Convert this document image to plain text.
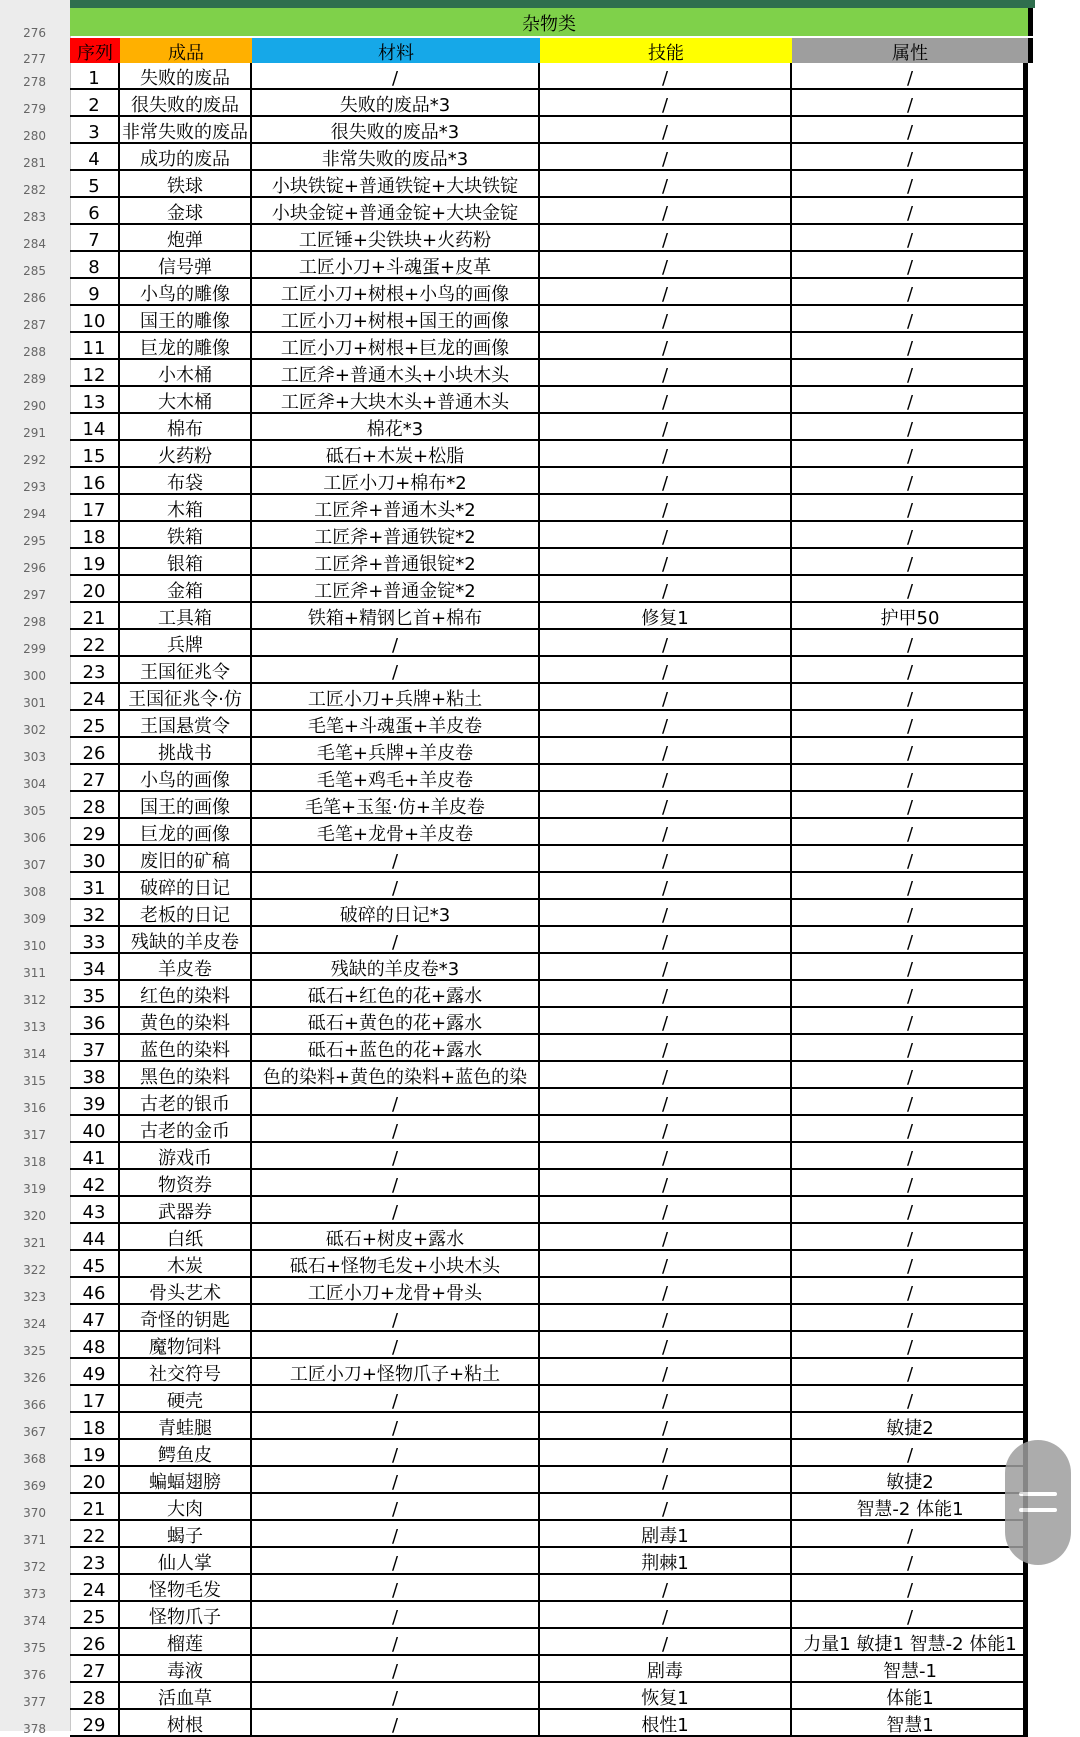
276
277
278
279
280
281
282
283
284
285
286
287
288
289
290
291
292
293
294
295
296
297
298
299
300
301
302
303
304
305
306
307
308
309
310
311
312
313
314
315
316
317
318
319
320
321
322
323
324
325
326
366
367
368
369
370
371
372
373
374
375
376
377
378
杂物类
序列	成品	材料	技能	属性
1	失败的废品	/	/	/
2	很失败的废品	失败的废品*3	/	/
3	非常失败的废品	很失败的废品*3	/	/
4	成功的废品	非常失败的废品*3	/	/
5	铁球	小块铁锭+普通铁锭+大块铁锭	/	/
6	金球	小块金锭+普通金锭+大块金锭	/	/
7	炮弹	工匠锤+尖铁块+火药粉	/	/
8	信号弹	工匠小刀+斗魂蛋+皮革	/	/
9	小鸟的雕像	工匠小刀+树根+小鸟的画像	/	/
10	国王的雕像	工匠小刀+树根+国王的画像	/	/
11	巨龙的雕像	工匠小刀+树根+巨龙的画像	/	/
12	小木桶	工匠斧+普通木头+小块木头	/	/
13	大木桶	工匠斧+大块木头+普通木头	/	/
14	棉布	棉花*3	/	/
15	火药粉	砥石+木炭+松脂	/	/
16	布袋	工匠小刀+棉布*2	/	/
17	木箱	工匠斧+普通木头*2	/	/
18	铁箱	工匠斧+普通铁锭*2	/	/
19	银箱	工匠斧+普通银锭*2	/	/
20	金箱	工匠斧+普通金锭*2	/	/
21	工具箱	铁箱+精钢匕首+棉布	修复1	护甲50
22	兵牌	/	/	/
23	王国征兆令	/	/	/
24	王国征兆令·仿	工匠小刀+兵牌+粘土	/	/
25	王国悬赏令	毛笔+斗魂蛋+羊皮卷	/	/
26	挑战书	毛笔+兵牌+羊皮卷	/	/
27	小鸟的画像	毛笔+鸡毛+羊皮卷	/	/
28	国王的画像	毛笔+玉玺·仿+羊皮卷	/	/
29	巨龙的画像	毛笔+龙骨+羊皮卷	/	/
30	废旧的矿稿	/	/	/
31	破碎的日记	/	/	/
32	老板的日记	破碎的日记*3	/	/
33	残缺的羊皮卷	/	/	/
34	羊皮卷	残缺的羊皮卷*3	/	/
35	红色的染料	砥石+红色的花+露水	/	/
36	黄色的染料	砥石+黄色的花+露水	/	/
37	蓝色的染料	砥石+蓝色的花+露水	/	/
38	黑色的染料	色的染料+黄色的染料+蓝色的染	/	/
39	古老的银币	/	/	/
40	古老的金币	/	/	/
41	游戏币	/	/	/
42	物资券	/	/	/
43	武器券	/	/	/
44	白纸	砥石+树皮+露水	/	/
45	木炭	砥石+怪物毛发+小块木头	/	/
46	骨头艺术	工匠小刀+龙骨+骨头	/	/
47	奇怪的钥匙	/	/	/
48	魔物饲料	/	/	/
49	社交符号	工匠小刀+怪物爪子+粘土	/	/
17	硬壳	/	/	/
18	青蛙腿	/	/	敏捷2
19	鳄鱼皮	/	/	/
20	蝙蝠翅膀	/	/	敏捷2
21	大肉	/	/	智慧-2 体能1
22	蝎子	/	剧毒1	/
23	仙人掌	/	荆棘1	/
24	怪物毛发	/	/	/
25	怪物爪子	/	/	/
26	榴莲	/	/	力量1 敏捷1 智慧-2 体能1
27	毒液	/	剧毒	智慧-1
28	活血草	/	恢复1	体能1
29	树根	/	根性1	智慧1
